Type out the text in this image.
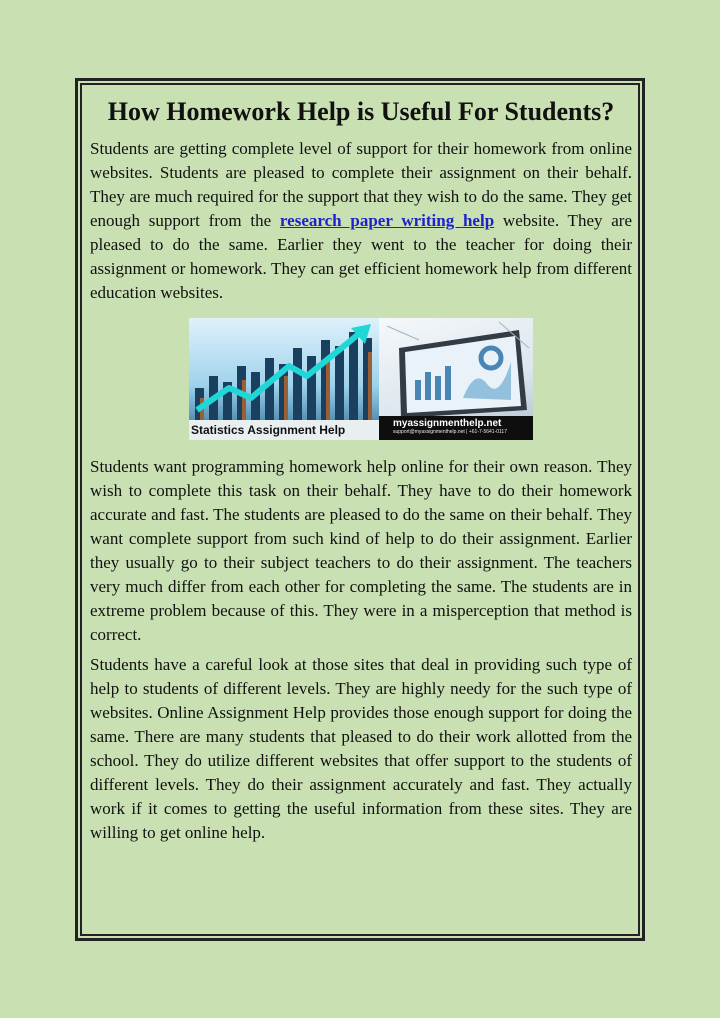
How Homework Help is Useful For Students?

Students are getting complete level of support for their homework from online websites. Students are pleased to complete their assignment on their behalf. They are much required for the support that they wish to do the same. They get enough support from the research paper writing help website. They are pleased to do the same. Earlier they went to the teacher for doing their assignment or homework. They can get efficient homework help from different education websites.

Statistics Assignment Help	myassignmenthelp.net
support@myassignmenthelp.net | +61-7-5641-0117

Students want programming homework help online for their own reason. They wish to complete this task on their behalf. They have to do their homework accurate and fast. The students are pleased to do the same on their behalf. They want complete support from such kind of help to do their assignment. Earlier they usually go to their subject teachers to do their assignment. The teachers very much differ from each other for completing the same. The students are in extreme problem because of this. They were in a misperception that method is correct.

Students have a careful look at those sites that deal in providing such type of help to students of different levels. They are highly needy for the such type of websites. Online Assignment Help provides those enough support for doing the same. There are many students that pleased to do their work allotted from the school. They do utilize different websites that offer support to the students of different levels. They do their assignment accurately and fast. They actually work if it comes to getting the useful information from these sites. They are willing to get online help.
